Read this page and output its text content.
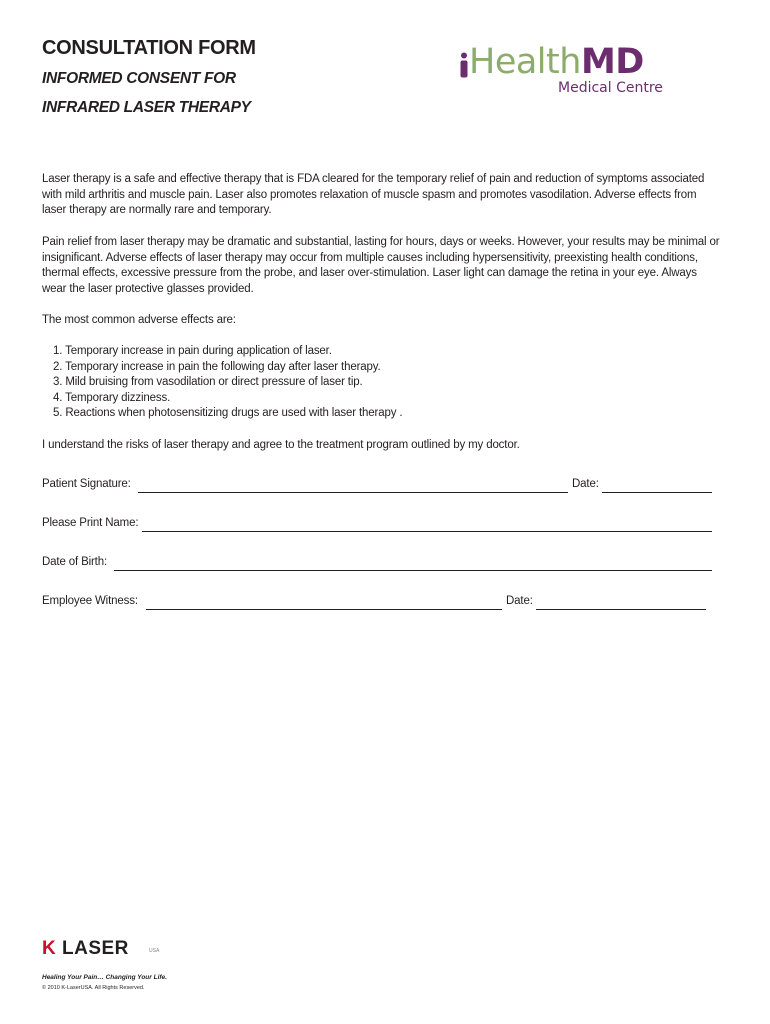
CONSULTATION FORM
INFORMED CONSENT FOR
INFRARED LASER THERAPY
HealthMD
Medical Centre

Laser therapy is a safe and effective therapy that is FDA cleared for the temporary relief of pain and reduction of symptoms associated with mild arthritis and muscle pain. Laser also promotes relaxation of muscle spasm and promotes vasodilation. Adverse effects from laser therapy are normally rare and temporary.

Pain relief from laser therapy may be dramatic and substantial, lasting for hours, days or weeks. However, your results may be minimal or insignificant. Adverse effects of laser therapy may occur from multiple causes including hypersensitivity, preexisting health conditions, thermal effects, excessive pressure from the probe, and laser over-stimulation. Laser light can damage the retina in your eye. Always wear the laser protective glasses provided.

The most common adverse effects are:

1. Temporary increase in pain during application of laser.
2. Temporary increase in pain the following day after laser therapy.
3. Mild bruising from vasodilation or direct pressure of laser tip.
4. Temporary dizziness.
5. Reactions when photosensitizing drugs are used with laser therapy .

I understand the risks of laser therapy and agree to the treatment program outlined by my doctor.

Patient Signature:	Date:
Please Print Name:
Date of Birth:
Employee Witness:	Date:
K LASER	USA

Healing Your Pain… Changing Your Life.

© 2010 K-LaserUSA. All Rights Reserved.
